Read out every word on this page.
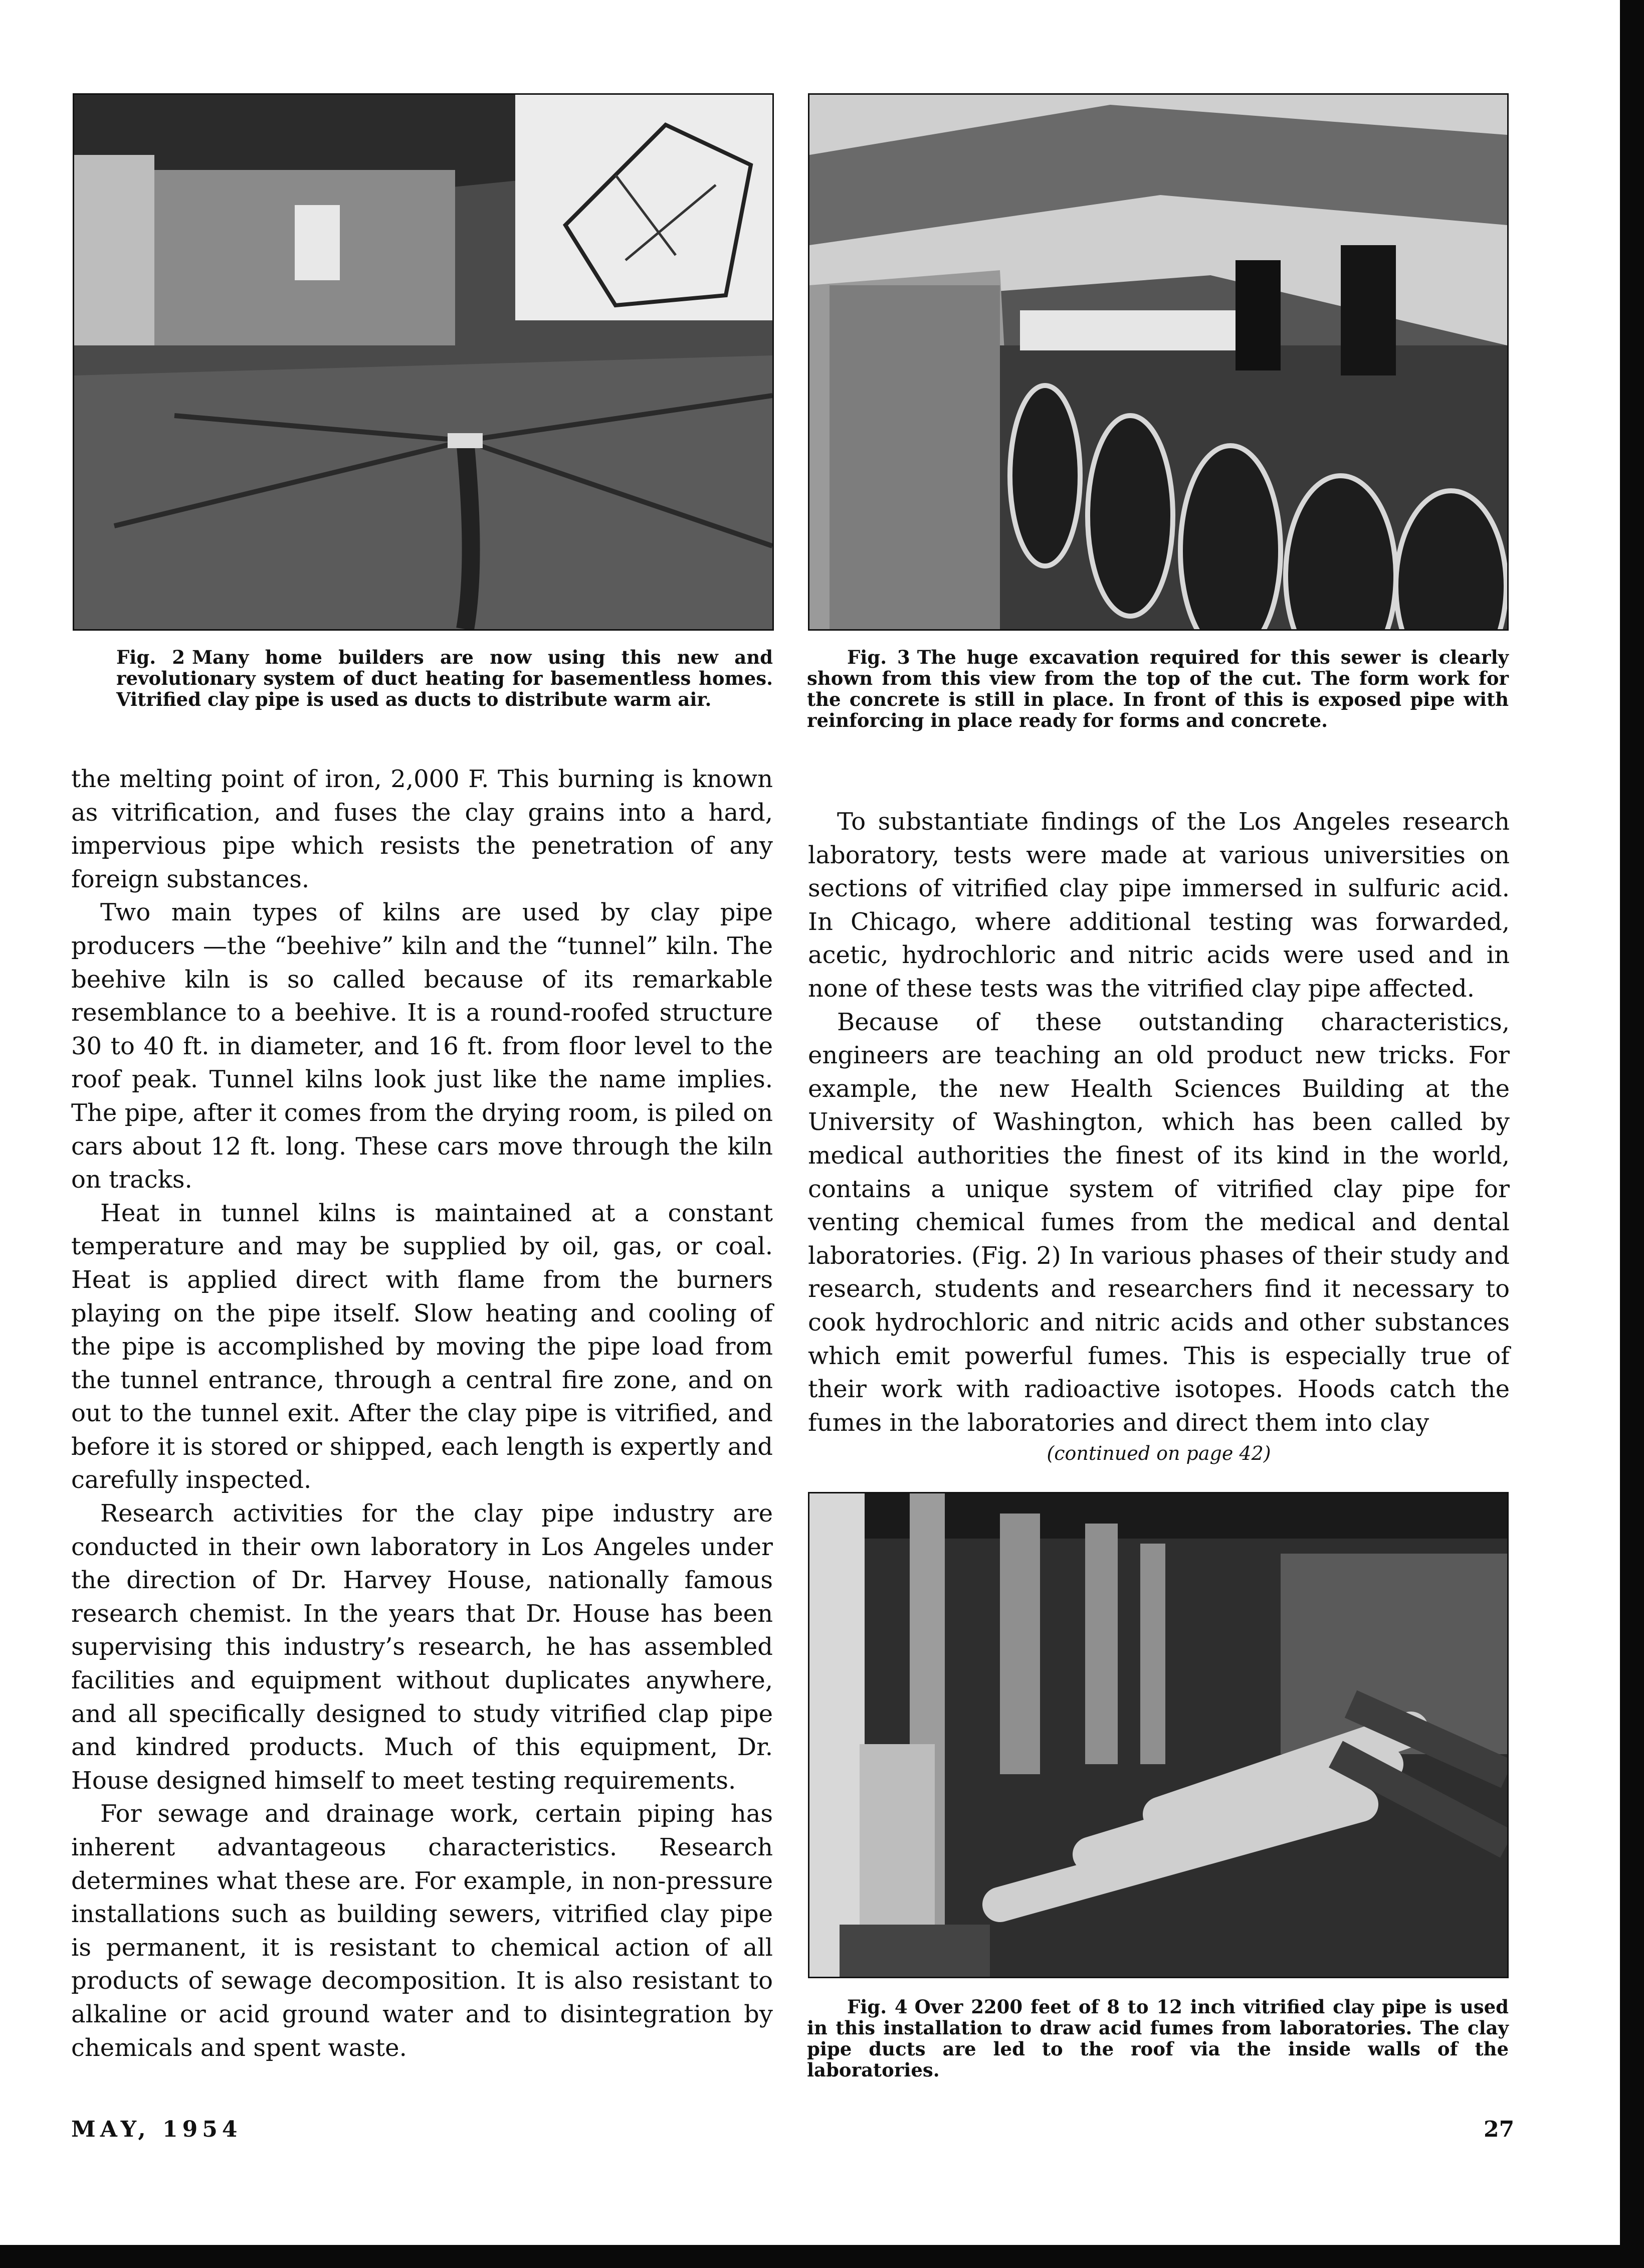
Fig. 2 Many home builders are now using this new and revolutionary system of duct heating for basementless homes. Vitrified clay pipe is used as ducts to distribute warm air.
Fig. 3 The huge excavation required for this sewer is clearly shown from this view from the top of the cut. The form work for the concrete is still in place. In front of this is exposed pipe with reinforcing in place ready for forms and concrete.

the melting point of iron, 2,000 F. This burning is known as vitrification, and fuses the clay grains into a hard, impervious pipe which resists the penetration of any foreign substances.

Two main types of kilns are used by clay pipe producers —the “beehive” kiln and the “tunnel” kiln. The beehive kiln is so called because of its remarkable resemblance to a beehive. It is a round-roofed structure 30 to 40 ft. in diameter, and 16 ft. from floor level to the roof peak. Tunnel kilns look just like the name implies. The pipe, after it comes from the drying room, is piled on cars about 12 ft. long. These cars move through the kiln on tracks.

Heat in tunnel kilns is maintained at a constant temperature and may be supplied by oil, gas, or coal. Heat is applied direct with flame from the burners playing on the pipe itself. Slow heating and cooling of the pipe is accomplished by moving the pipe load from the tunnel entrance, through a central fire zone, and on out to the tunnel exit. After the clay pipe is vitrified, and before it is stored or shipped, each length is expertly and carefully inspected.

Research activities for the clay pipe industry are conducted in their own laboratory in Los Angeles under the direction of Dr. Harvey House, nationally famous research chemist. In the years that Dr. House has been supervising this industry’s research, he has assembled facilities and equipment without duplicates anywhere, and all specifically designed to study vitrified clap pipe and kindred products. Much of this equipment, Dr. House designed himself to meet testing requirements.

For sewage and drainage work, certain piping has inherent advantageous characteristics. Research determines what these are. For example, in non-pressure installations such as building sewers, vitrified clay pipe is permanent, it is resistant to chemical action of all products of sewage decomposition. It is also resistant to alkaline or acid ground water and to disintegration by chemicals and spent waste.

To substantiate findings of the Los Angeles research laboratory, tests were made at various universities on sections of vitrified clay pipe immersed in sulfuric acid. In Chicago, where additional testing was forwarded, acetic, hydrochloric and nitric acids were used and in none of these tests was the vitrified clay pipe affected.

Because of these outstanding characteristics, engineers are teaching an old product new tricks. For example, the new Health Sciences Building at the University of Washington, which has been called by medical authorities the finest of its kind in the world, contains a unique system of vitrified clay pipe for venting chemical fumes from the medical and dental laboratories. (Fig. 2) In various phases of their study and research, students and researchers find it necessary to cook hydrochloric and nitric acids and other substances which emit powerful fumes. This is especially true of their work with radioactive isotopes. Hoods catch the fumes in the laboratories and direct them into clay

(continued on page 42)
Fig. 4 Over 2200 feet of 8 to 12 inch vitrified clay pipe is used in this installation to draw acid fumes from laboratories. The clay pipe ducts are led to the roof via the inside walls of the laboratories.
MAY, 1954	27
